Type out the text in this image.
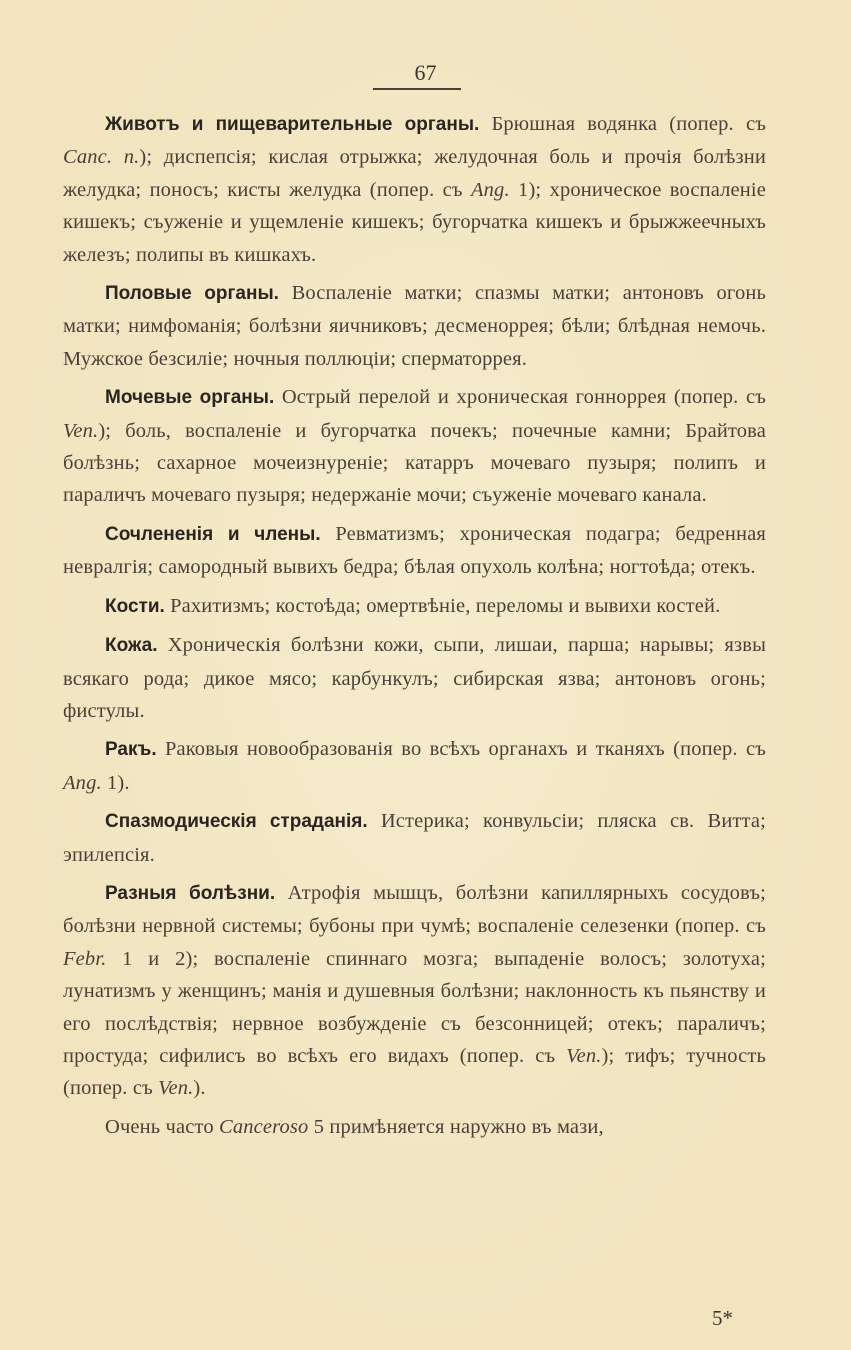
67

Животъ и пищеварительные органы. Брюшная водянка (попер. съ Canc. n.); диспепсія; кислая отрыжка; желудочная боль и прочія болѣзни желудка; поносъ; кисты желудка (попер. съ Ang. 1); хроническое воспаленіе кишекъ; съуженіе и ущемленіе кишекъ; бугорчатка кишекъ и брыжжеечныхъ железъ; полипы въ кишкахъ.

Половые органы. Воспаленіе матки; спазмы матки; антоновъ огонь матки; нимфоманія; болѣзни яичниковъ; десменоррея; бѣли; блѣдная немочь. Мужское безсиліе; ночныя поллюціи; сперматоррея.

Мочевые органы. Острый перелой и хроническая гонноррея (попер. съ Ven.); боль, воспаленіе и бугорчатка почекъ; почечные камни; Брайтова болѣзнь; сахарное мочеизнуреніе; катарръ мочеваго пузыря; полипъ и параличъ мочеваго пузыря; недержаніе мочи; съуженіе мочеваго канала.

Сочлененія и члены. Ревматизмъ; хроническая подагра; бедренная невралгія; самородный вывихъ бедра; бѣлая опухоль колѣна; ногтоѣда; отекъ.

Кости. Рахитизмъ; костоѣда; омертвѣніе, переломы и вывихи костей.

Кожа. Хроническія болѣзни кожи, сыпи, лишаи, парша; нарывы; язвы всякаго рода; дикое мясо; карбункулъ; сибирская язва; антоновъ огонь; фистулы.

Ракъ. Раковыя новообразованія во всѣхъ органахъ и тканяхъ (попер. съ Ang. 1).

Спазмодическія страданія. Истерика; конвульсіи; пляска св. Витта; эпилепсія.

Разныя болѣзни. Атрофія мышцъ, болѣзни капиллярныхъ сосудовъ; болѣзни нервной системы; бубоны при чумѣ; воспаленіе селезенки (попер. съ Febr. 1 и 2); воспаленіе спиннаго мозга; выпаденіе волосъ; золотуха; лунатизмъ у женщинъ; манія и душевныя болѣзни; наклонность къ пьянству и его послѣдствія; нервное возбужденіе съ безсонницей; отекъ; параличъ; простуда; сифилисъ во всѣхъ его видахъ (попер. съ Ven.); тифъ; тучность (попер. съ Ven.).

Очень часто Canceroso 5 примѣняется наружно въ мази,

5*
